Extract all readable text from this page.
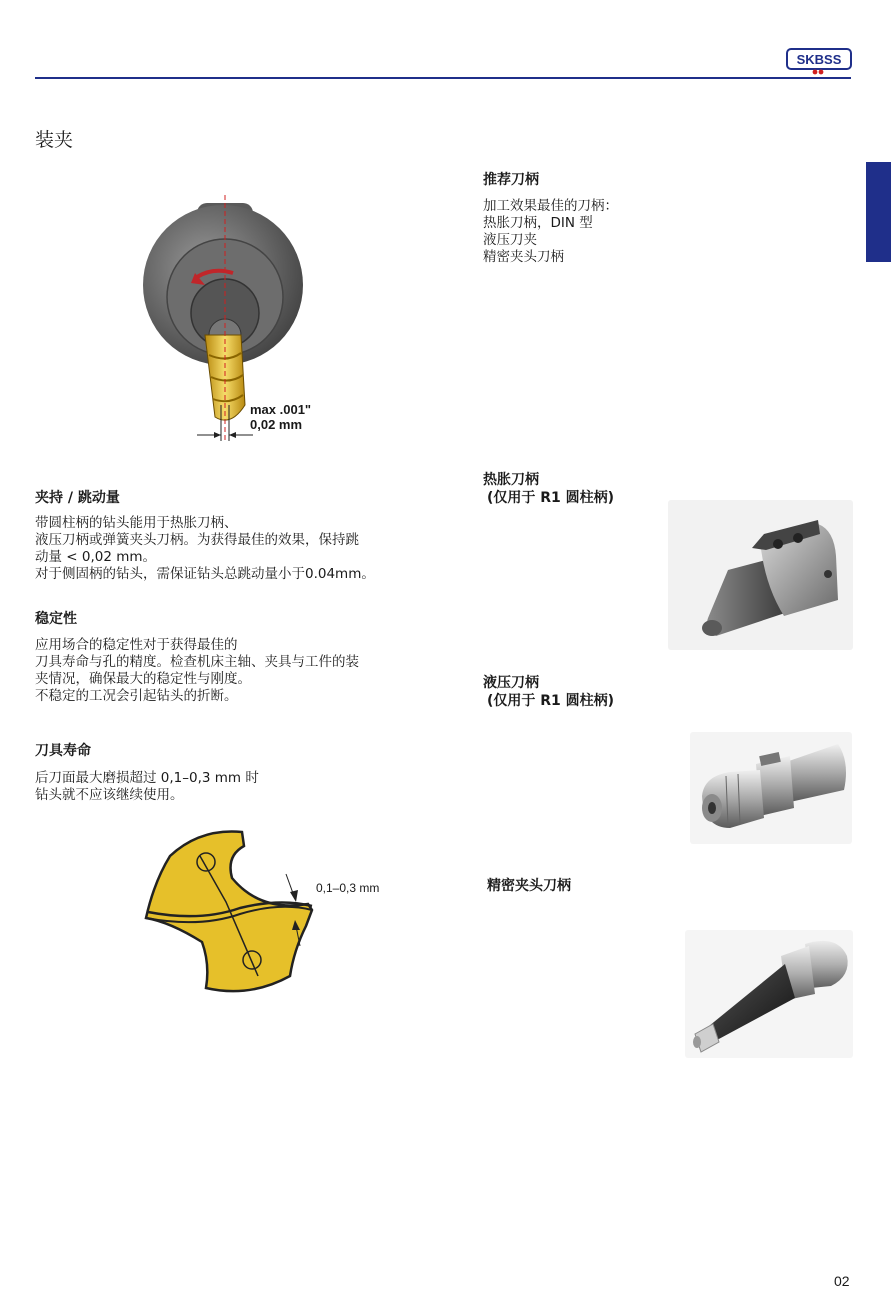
SKBSS
装夹
max .001"
0,02 mm
夹持 / 跳动量
带圆柱柄的钻头能用于热胀刀柄、
液压刀柄或弹簧夹头刀柄。为获得最佳的效果，保持跳
动量 < 0,02 mm。
对于侧固柄的钻头，需保证钻头总跳动量小于0.04mm。
稳定性
应用场合的稳定性对于获得最佳的
刀具寿命与孔的精度。检查机床主轴、夹具与工件的装
夹情况，确保最大的稳定性与刚度。
不稳定的工况会引起钻头的折断。
刀具寿命
后刀面最大磨损超过 0,1–0,3 mm 时
钻头就不应该继续使用。
0,1–0,3 mm
推荐刀柄
加工效果最佳的刀柄：
热胀刀柄，DIN 型
液压刀夹
精密夹头刀柄
热胀刀柄
(仅用于 R1 圆柱柄)
液压刀柄
(仅用于 R1 圆柱柄)
精密夹头刀柄
02
